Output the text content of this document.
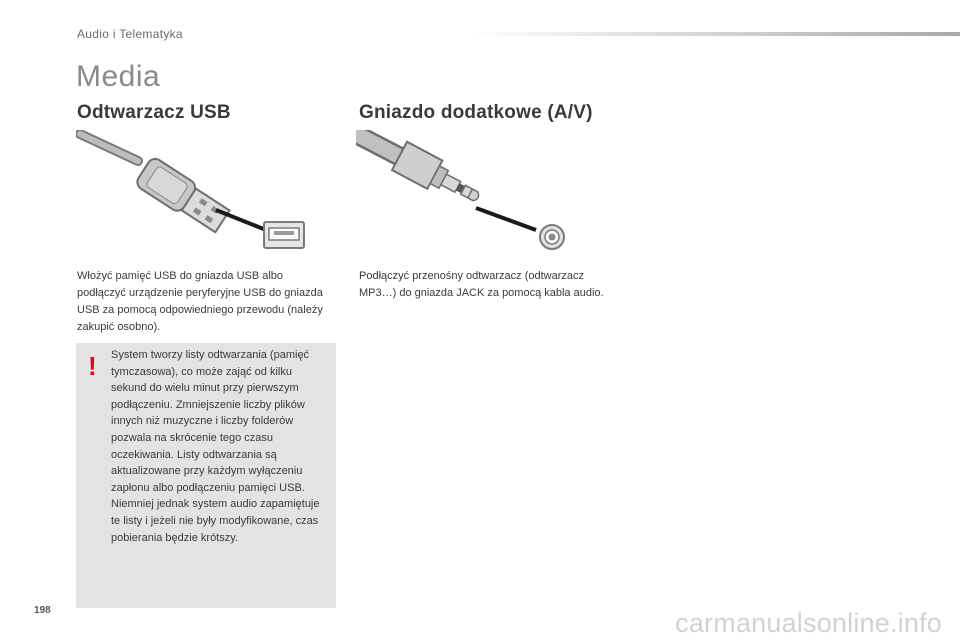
Audio i Telematyka
Media
Odtwarzacz USB	Gniazdo dodatkowe (A/V)
Włożyć pamięć USB do gniazda USB albo podłączyć urządzenie peryferyjne USB do gniazda USB za pomocą odpowiedniego przewodu (należy zakupić osobno).
Podłączyć przenośny odtwarzacz (odtwarzacz MP3…) do gniazda JACK za pomocą kabla audio.
! System tworzy listy odtwarzania (pamięć tymczasowa), co może zająć od kilku sekund do wielu minut przy pierwszym podłączeniu. Zmniejszenie liczby plików innych niż muzyczne i liczby folderów pozwala na skrócenie tego czasu oczekiwania. Listy odtwarzania są aktualizowane przy każdym wyłączeniu zapłonu albo podłączeniu pamięci USB. Niemniej jednak system audio zapamiętuje te listy i jeżeli nie były modyfikowane, czas pobierania będzie krótszy.
198	carmanualsonline.info
